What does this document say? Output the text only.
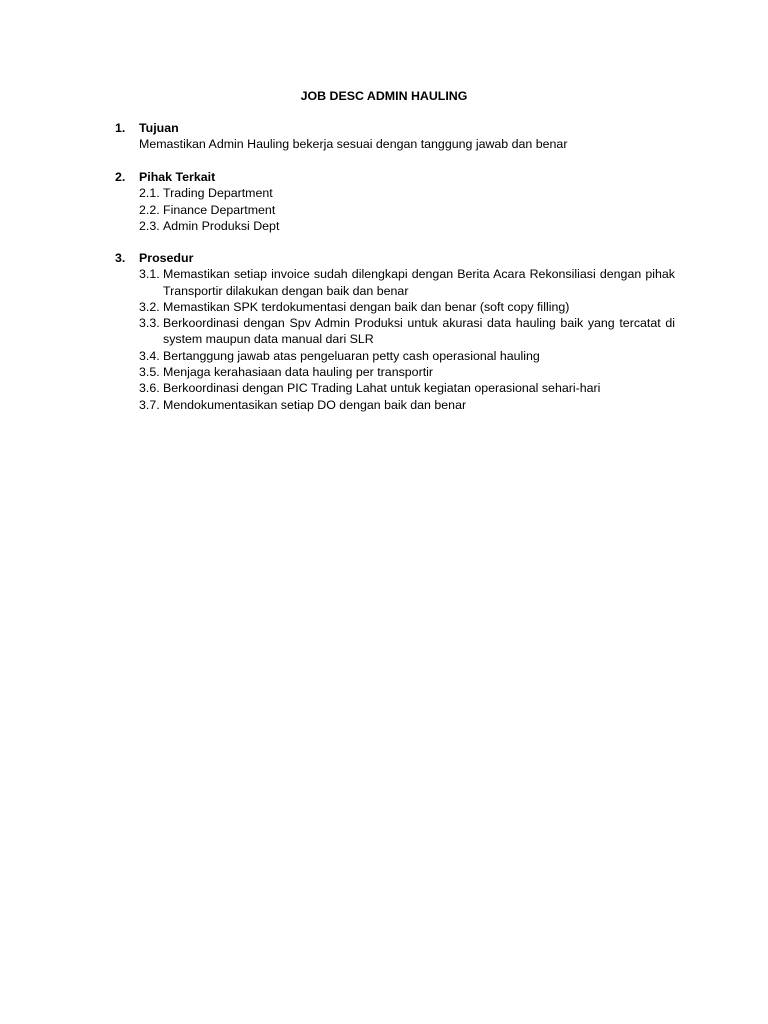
JOB DESC ADMIN HAULING
1.	Tujuan
Memastikan Admin Hauling bekerja sesuai dengan tanggung jawab dan benar
2.	Pihak Terkait
2.1. Trading Department
2.2. Finance Department
2.3. Admin Produksi Dept
3.	Prosedur
3.1. Memastikan setiap invoice sudah dilengkapi dengan Berita Acara Rekonsiliasi dengan pihak Transportir dilakukan dengan baik dan benar
3.2. Memastikan SPK terdokumentasi dengan baik dan benar (soft copy filling)
3.3. Berkoordinasi dengan Spv Admin Produksi untuk akurasi data hauling baik yang tercatat di system maupun data manual dari SLR
3.4. Bertanggung jawab atas pengeluaran petty cash operasional hauling
3.5. Menjaga kerahasiaan data hauling per transportir
3.6. Berkoordinasi dengan PIC Trading Lahat untuk kegiatan operasional sehari-hari
3.7. Mendokumentasikan setiap DO dengan baik dan benar
